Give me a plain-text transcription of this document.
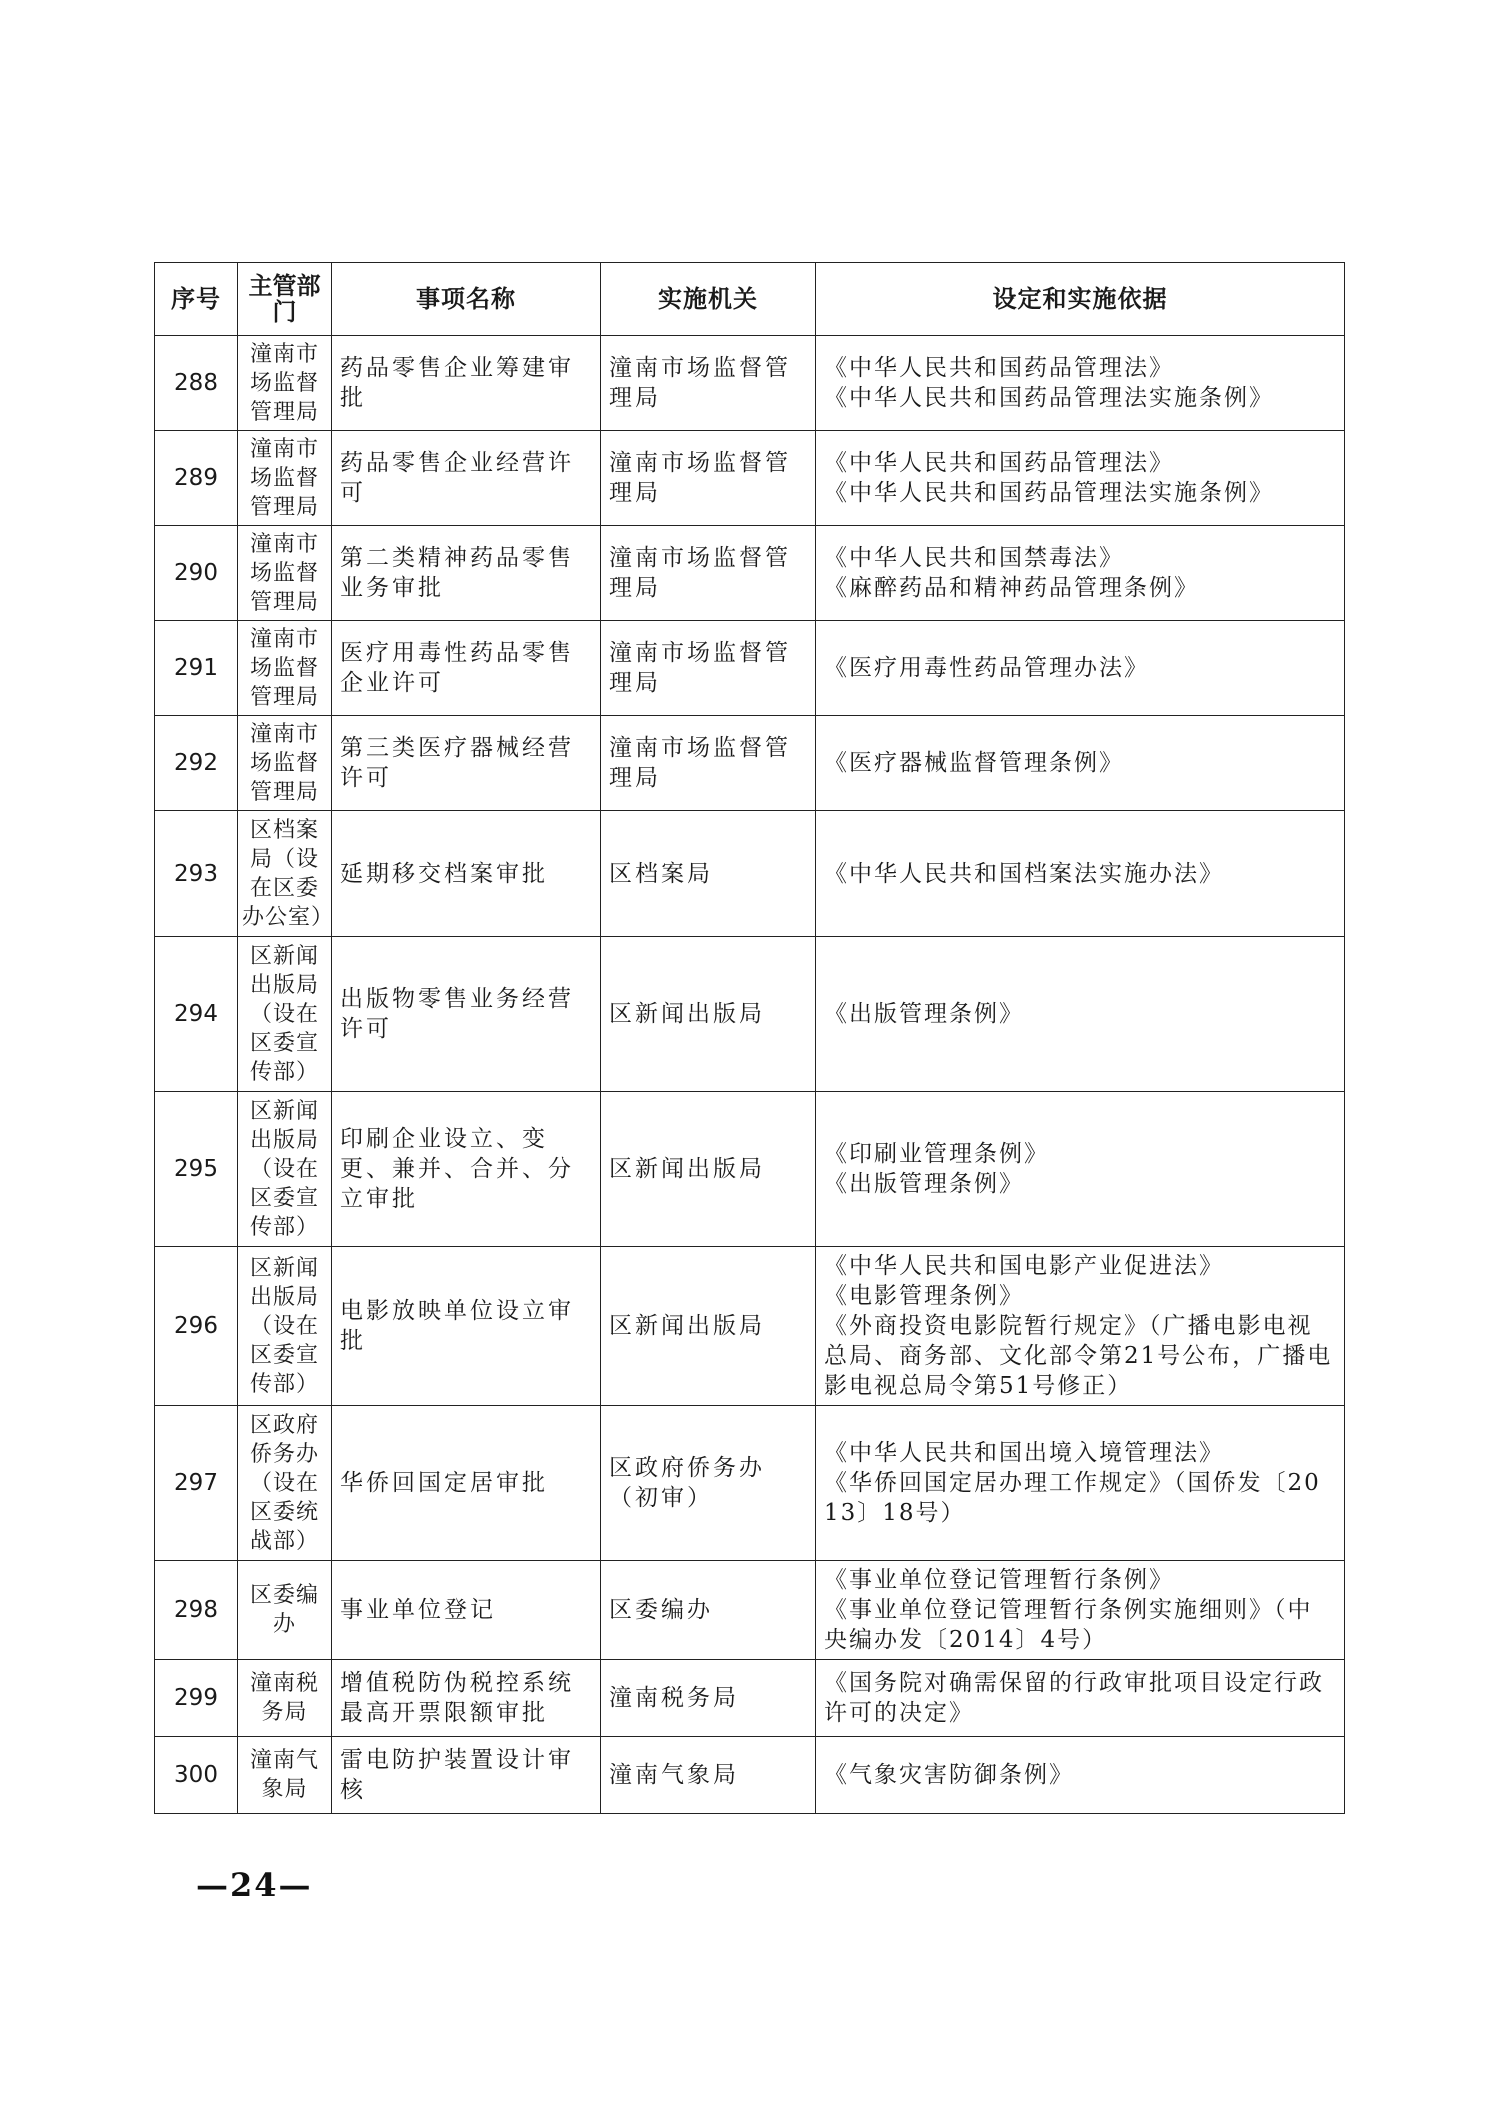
序号	主管部门	事项名称	实施机关	设定和实施依据
288	潼南市场监督管理局	药品零售企业筹建审批	潼南市场监督管理局	《中华人民共和国药品管理法》
《中华人民共和国药品管理法实施条例》

289	潼南市场监督管理局	药品零售企业经营许可	潼南市场监督管理局	《中华人民共和国药品管理法》
《中华人民共和国药品管理法实施条例》

290	潼南市场监督管理局	第二类精神药品零售业务审批	潼南市场监督管理局	《中华人民共和国禁毒法》
《麻醉药品和精神药品管理条例》

291	潼南市场监督管理局	医疗用毒性药品零售企业许可	潼南市场监督管理局	《医疗用毒性药品管理办法》

292	潼南市场监督管理局	第三类医疗器械经营许可	潼南市场监督管理局	《医疗器械监督管理条例》

293	区档案局（设在区委办公室）	延期移交档案审批	区档案局	《中华人民共和国档案法实施办法》

294	区新闻出版局（设在区委宣传部）	出版物零售业务经营许可	区新闻出版局	《出版管理条例》

295	区新闻出版局（设在区委宣传部）	印刷企业设立、变更、兼并、合并、分立审批	区新闻出版局	《印刷业管理条例》
《出版管理条例》

296	区新闻出版局（设在区委宣传部）	电影放映单位设立审批	区新闻出版局	《中华人民共和国电影产业促进法》
《电影管理条例》
《外商投资电影院暂行规定》（广播电影电视总局、商务部、文化部令第21号公布，广播电影电视总局令第51号修正）

297	区政府侨务办（设在区委统战部）	华侨回国定居审批	区政府侨务办（初审）	《中华人民共和国出境入境管理法》
《华侨回国定居办理工作规定》（国侨发〔2013〕18号）

298	区委编办	事业单位登记	区委编办	《事业单位登记管理暂行条例》
《事业单位登记管理暂行条例实施细则》（中央编办发〔2014〕4号）

299	潼南税务局	增值税防伪税控系统最高开票限额审批	潼南税务局	《国务院对确需保留的行政审批项目设定行政许可的决定》

300	潼南气象局	雷电防护装置设计审核	潼南气象局	《气象灾害防御条例》
—24—
